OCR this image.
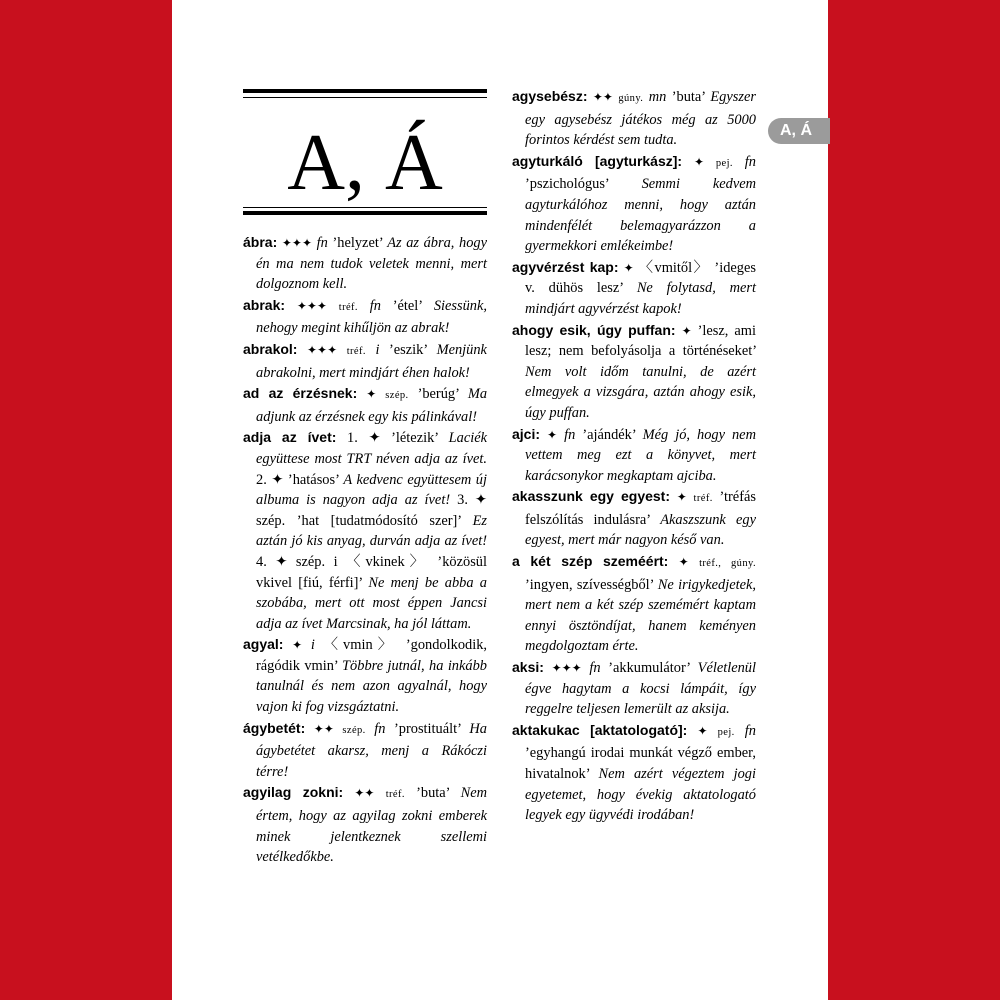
A, Á
A, Á
ábra: ✦✦✦ fn ’helyzet’ Az az ábra, hogy én ma nem tudok veletek menni, mert dolgoznom kell.
abrak: ✦✦✦ tréf. fn ’étel’ Siessünk, nehogy megint kihűljön az abrak!
abrakol: ✦✦✦ tréf. i ’eszik’ Menjünk abrakolni, mert mindjárt éhen halok!
ad az érzésnek: ✦ szép. ’berúg’ Ma adjunk az érzésnek egy kis pálinkával!
adja az ívet: 1. ✦ ’létezik’ Laciék együttese most TRT néven adja az ívet. 2. ✦ ’hatásos’ A kedvenc együttesem új albuma is nagyon adja az ívet! 3. ✦ szép. ’hat [tudatmódosító szer]’ Ez aztán jó kis anyag, durván adja az ívet! 4. ✦ szép. i 〈vkinek〉 ’közösül vkivel [fiú, férfi]’ Ne menj be abba a szobába, mert ott most éppen Jancsi adja az ívet Marcsinak, ha jól láttam.
agyal: ✦ i 〈vmin〉 ’gondolkodik, rágódik vmin’ Többre jutnál, ha inkább tanulnál és nem azon agyalnál, hogy vajon ki fog vizsgáztatni.
ágybetét: ✦✦ szép. fn ’prostituált’ Ha ágybetétet akarsz, menj a Rákóczi térre!
agyilag zokni: ✦✦ tréf. ’buta’ Nem értem, hogy az agyilag zokni emberek minek jelentkeznek szellemi vetélkedőkbe.
agysebész: ✦✦ gúny. mn ’buta’ Egyszer egy agysebész játékos még az 5000 forintos kérdést sem tudta.
agyturkáló [agyturkász]: ✦ pej. fn ’pszichológus’ Semmi kedvem agyturkálóhoz menni, hogy aztán mindenfélét belemagyarázzon a gyermekkori emlékeimbe!
agyvérzést kap: ✦ 〈vmitől〉 ’ideges v. dühös lesz’ Ne folytasd, mert mindjárt agyvérzést kapok!
ahogy esik, úgy puffan: ✦ ’lesz, ami lesz; nem befolyásolja a történéseket’ Nem volt időm tanulni, de azért elmegyek a vizsgára, aztán ahogy esik, úgy puffan.
ajci: ✦ fn ’ajándék’ Még jó, hogy nem vettem meg ezt a könyvet, mert karácsonykor megkaptam ajciba.
akasszunk egy egyest: ✦ tréf. ’tréfás felszólítás indulásra’ Akaszszunk egy egyest, mert már nagyon késő van.
a két szép szeméért: ✦ tréf., gúny. ’ingyen, szívességből’ Ne irigykedjetek, mert nem a két szép szemémért kaptam ennyi ösztöndíjat, hanem keményen megdolgoztam érte.
aksi: ✦✦✦ fn ’akkumulátor’ Véletlenül égve hagytam a kocsi lámpáit, így reggelre teljesen lemerült az aksija.
aktakukac [aktatologató]: ✦ pej. fn ’egyhangú irodai munkát végző ember, hivatalnok’ Nem azért végeztem jogi egyetemet, hogy évekig aktatologató legyek egy ügyvédi irodában!
